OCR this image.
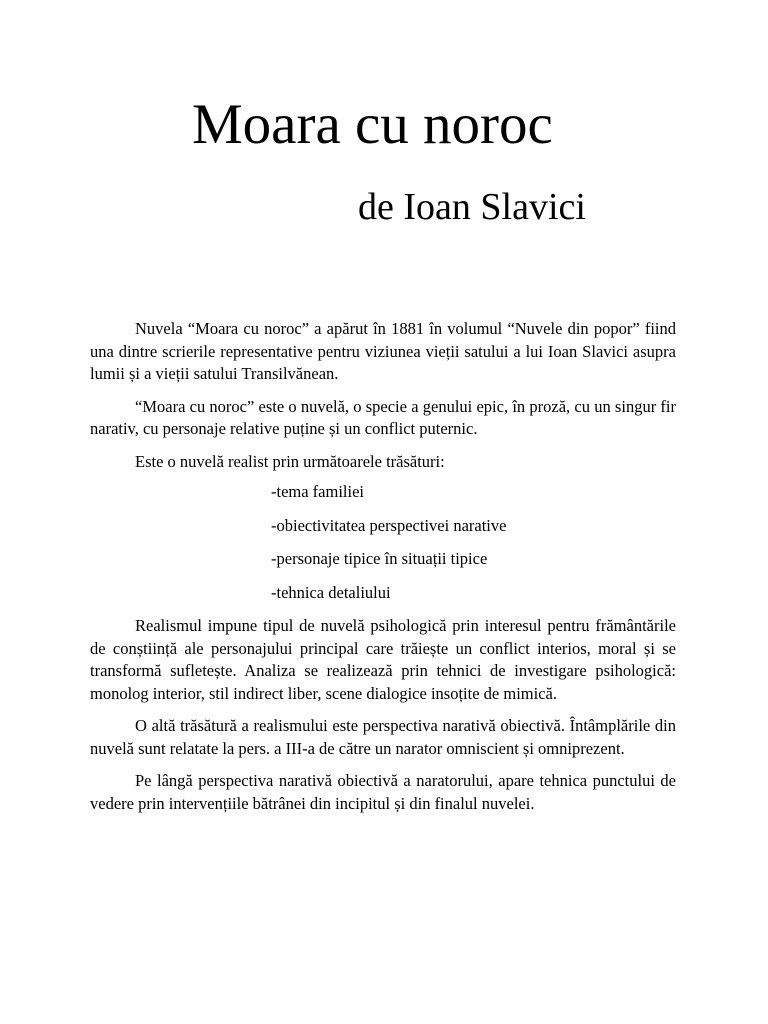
Moara cu noroc
de Ioan Slavici

Nuvela “Moara cu noroc” a apărut în 1881 în volumul “Nuvele din popor” fiind una dintre scrierile representative pentru viziunea vieții satului a lui Ioan Slavici asupra lumii și a vieții satului Transilvănean.

“Moara cu noroc” este o nuvelă, o specie a genului epic, în proză, cu un singur fir narativ, cu personaje relative puține și un conflict puternic.

Este o nuvelă realist prin următoarele trăsături:

-tema familiei
-obiectivitatea perspectivei narative
-personaje tipice în situații tipice
-tehnica detaliului

Realismul impune tipul de nuvelă psihologică prin interesul pentru frământările de conștiință ale personajului principal care trăiește un conflict interios, moral și se transformă sufletește. Analiza se realizează prin tehnici de investigare psihologică: monolog interior, stil indirect liber, scene dialogice insoțite de mimică.

O altă trăsătură a realismului este perspectiva narativă obiectivă. Întâmplările din nuvelă sunt relatate la pers. a III-a de către un narator omniscient și omniprezent.

Pe lângă perspectiva narativă obiectivă a naratorului, apare tehnica punctului de vedere prin intervențiile bătrânei din incipitul și din finalul nuvelei.
